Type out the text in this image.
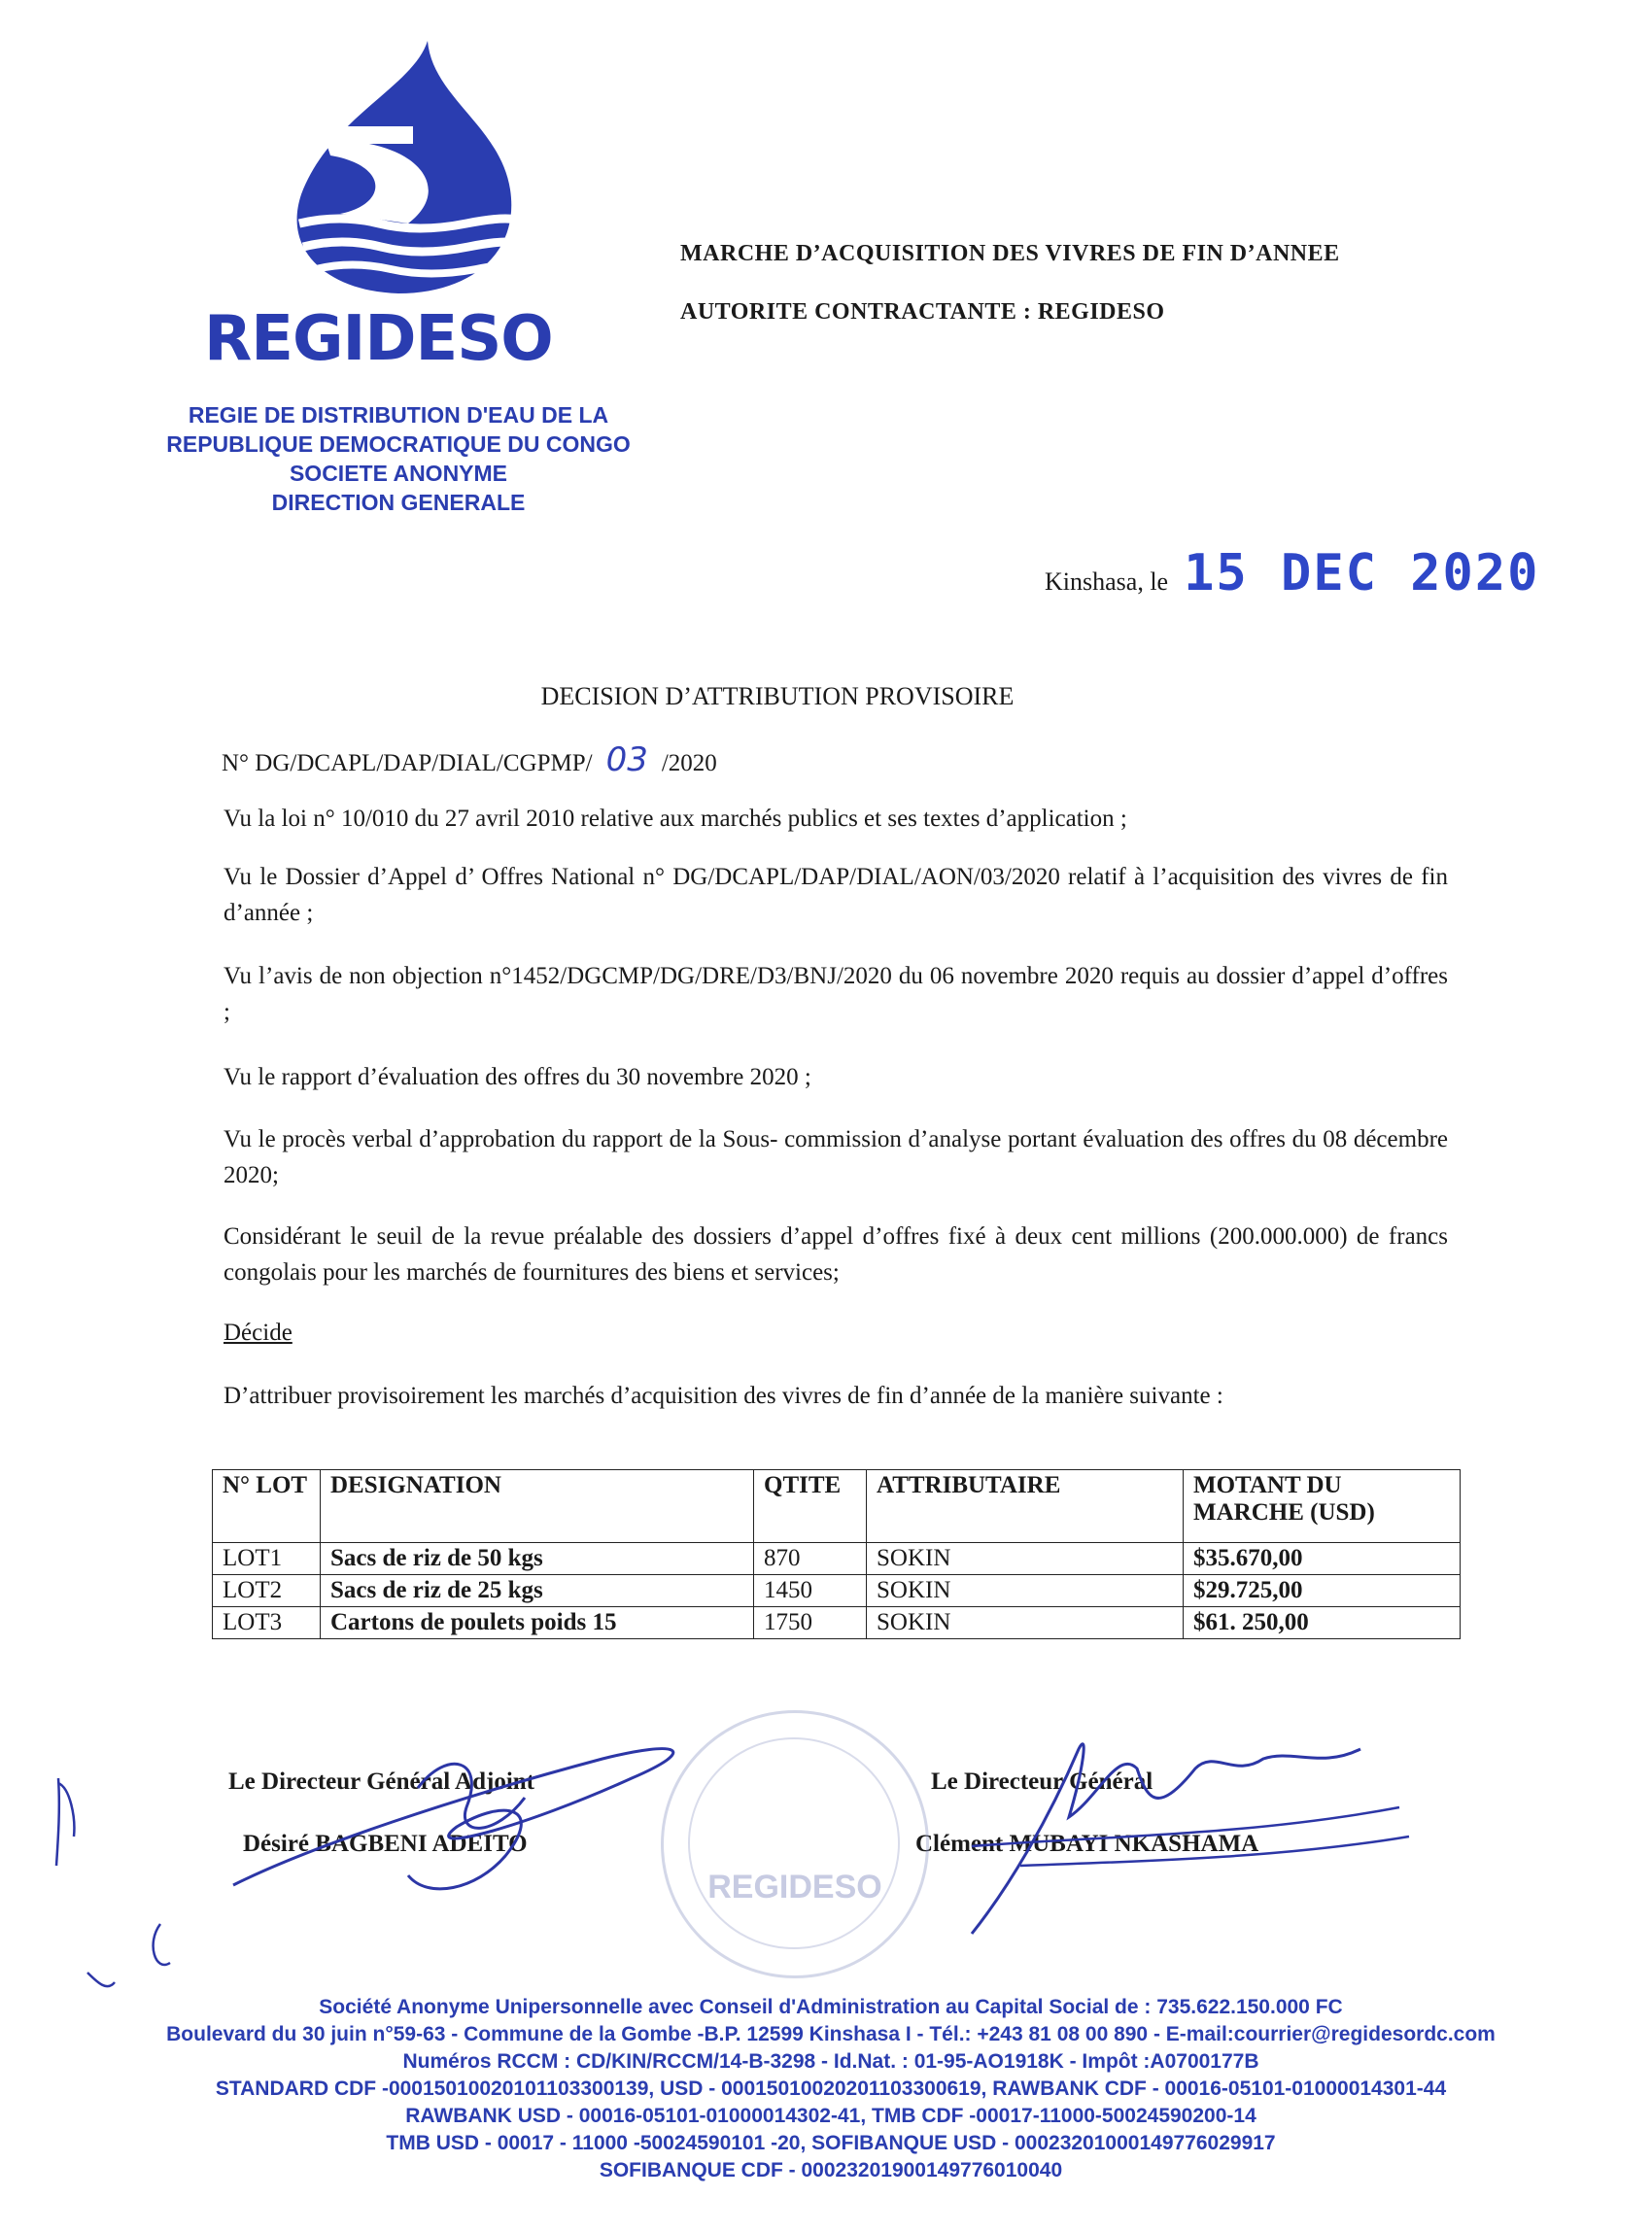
REGIDESO
REGIE DE DISTRIBUTION D'EAU DE LA
REPUBLIQUE DEMOCRATIQUE DU CONGO
SOCIETE ANONYME
DIRECTION GENERALE
MARCHE D’ACQUISITION DES VIVRES DE FIN D’ANNEE
AUTORITE CONTRACTANTE : REGIDESO
Kinshasa, le 15 DEC 2020
DECISION D’ATTRIBUTION PROVISOIRE
N° DG/DCAPL/DAP/DIAL/CGPMP/ 03 /2020
Vu la loi n° 10/010 du 27 avril 2010 relative aux marchés publics et ses textes d’application ;
Vu le Dossier d’Appel d’ Offres National n° DG/DCAPL/DAP/DIAL/AON/03/2020 relatif à l’acquisition des vivres de fin d’année ;
Vu l’avis de non objection n°1452/DGCMP/DG/DRE/D3/BNJ/2020 du 06 novembre 2020 requis au dossier d’appel d’offres ;
Vu le rapport d’évaluation des offres du 30 novembre 2020 ;
Vu le procès verbal d’approbation du rapport de la Sous- commission d’analyse portant évaluation des offres du 08 décembre 2020;
Considérant le seuil de la revue préalable des dossiers d’appel d’offres fixé à deux cent millions (200.000.000) de francs congolais pour les marchés de fournitures des biens et services;
Décide
D’attribuer provisoirement les marchés d’acquisition des vivres de fin d’année de la manière suivante :
N° LOT	DESIGNATION	QTITE	ATTRIBUTAIRE	MOTANT DU MARCHE (USD)
LOT1	Sacs de riz de 50 kgs	870	SOKIN	$35.670,00
LOT2	Sacs de riz de 25 kgs	1450	SOKIN	$29.725,00
LOT3	Cartons de poulets poids 15	1750	SOKIN	$61. 250,00
Le Directeur Général Adjoint
Désiré BAGBENI ADEITO
Le Directeur Général
Clément MUBAYI NKASHAMA
REGIDESO
Société Anonyme Unipersonnelle avec Conseil d'Administration au Capital Social de : 735.622.150.000 FC
Boulevard du 30 juin n°59-63 - Commune de la Gombe -B.P. 12599 Kinshasa I - Tél.: +243 81 08 00 890 - E-mail:courrier@regidesordc.com
Numéros RCCM : CD/KIN/RCCM/14-B-3298 - Id.Nat. : 01-95-AO1918K - Impôt :A0700177B
STANDARD CDF -00015010020101103300139, USD - 00015010020201103300619, RAWBANK CDF - 00016-05101-01000014301-44
RAWBANK USD - 00016-05101-01000014302-41, TMB CDF -00017-11000-50024590200-14
TMB USD - 00017 - 11000 -50024590101 -20, SOFIBANQUE USD - 00023201000149776029917
SOFIBANQUE CDF - 00023201900149776010040
